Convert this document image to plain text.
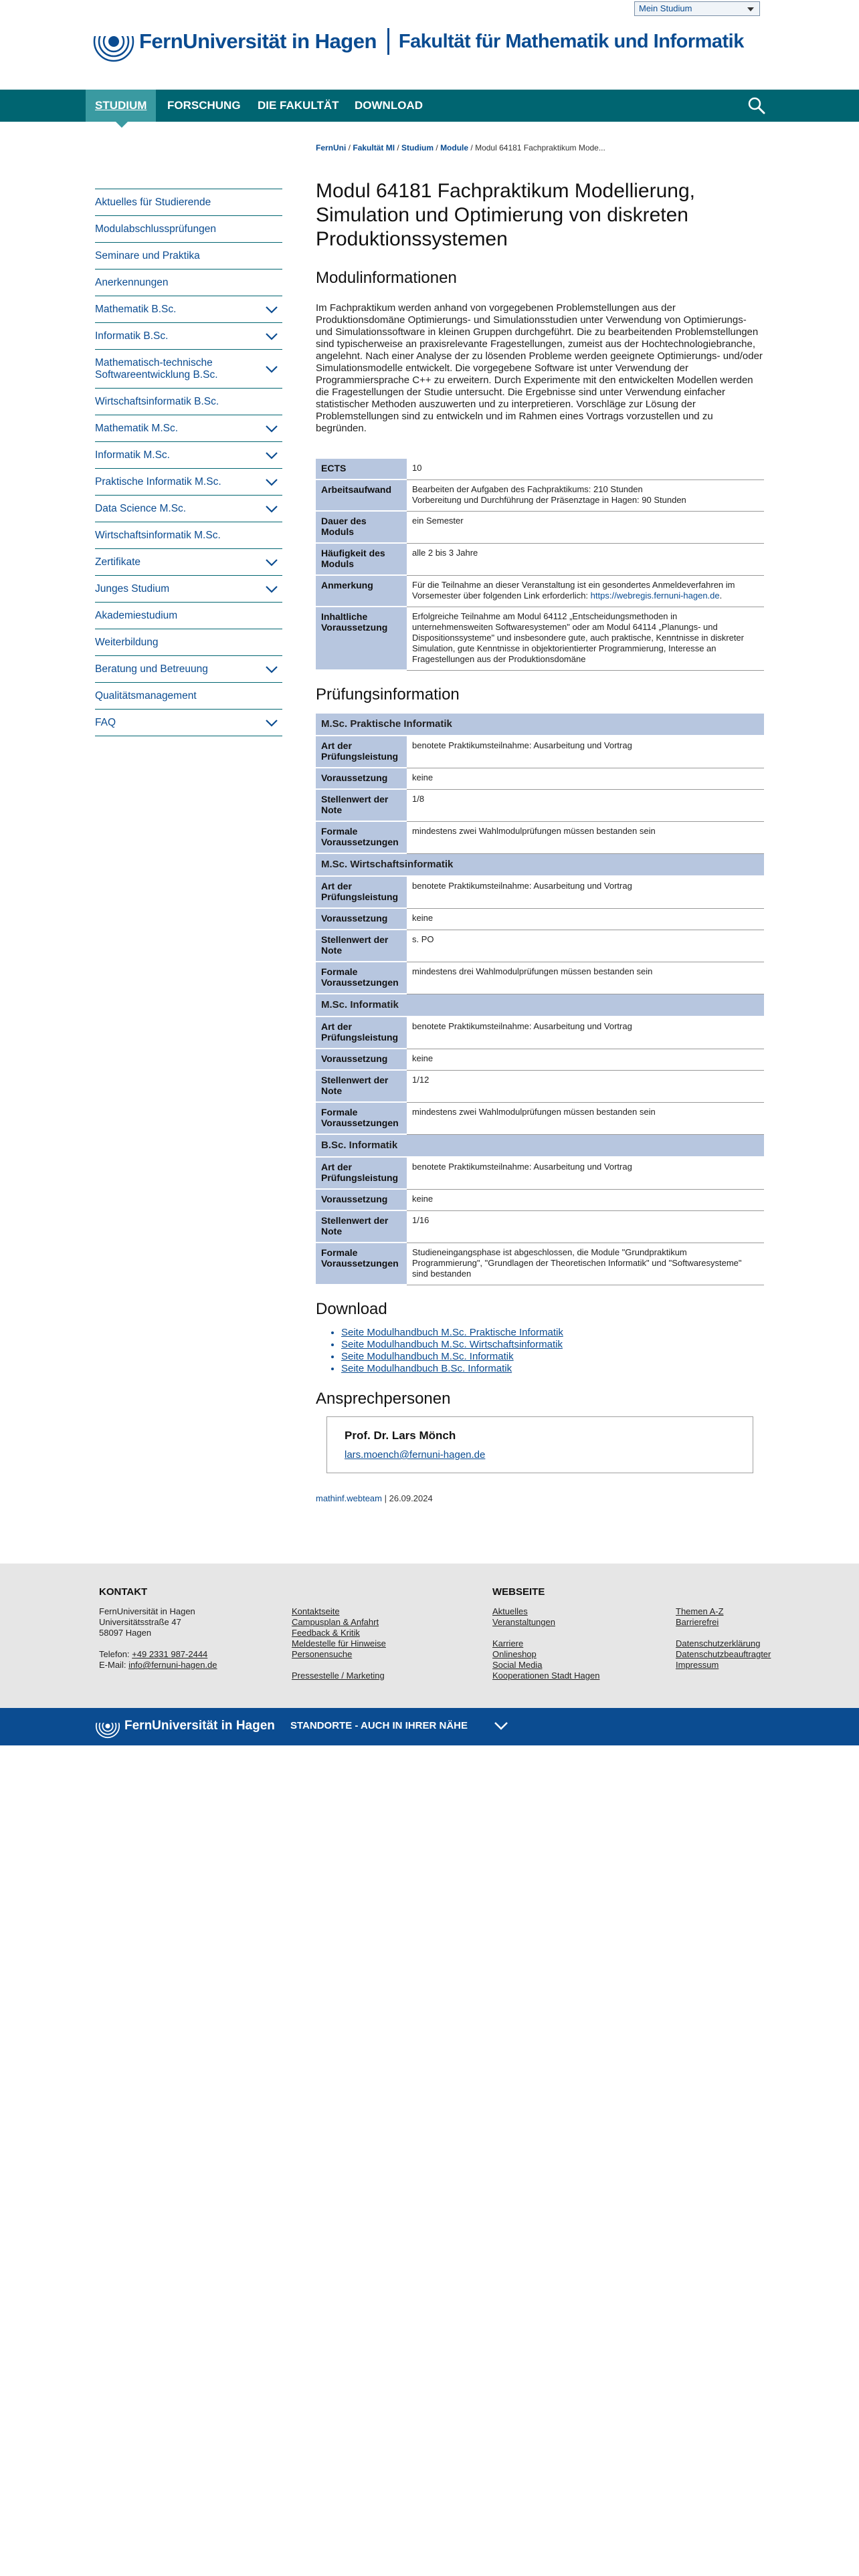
FernUniversität in Hagen Fakultät für Mathematik und Informatik
Mein Studium
STUDIUM	FORSCHUNG	DIE FAKULTÄT	DOWNLOAD
FernUni / Fakultät MI / Studium / Module / Modul 64181 Fachpraktikum Mode...
Aktuelles für Studierende
Modulabschlussprüfungen
Seminare und Praktika
Anerkennungen
Mathematik B.Sc.
Informatik B.Sc.
Mathematisch-technische Softwareentwicklung B.Sc.
Wirtschaftsinformatik B.Sc.
Mathematik M.Sc.
Informatik M.Sc.
Praktische Informatik M.Sc.
Data Science M.Sc.
Wirtschaftsinformatik M.Sc.
Zertifikate
Junges Studium
Akademiestudium
Weiterbildung
Beratung und Betreuung
Qualitätsmanagement
FAQ
Modul 64181 Fachpraktikum Modellierung, Simulation und Optimierung von diskreten Produktionssystemen
Modulinformationen

Im Fachpraktikum werden anhand von vorgegebenen Problemstellungen aus der Produktionsdomäne Optimierungs- und Simulationsstudien unter Verwendung von Optimierungs- und Simulationssoftware in kleinen Gruppen durchgeführt. Die zu bearbeitenden Problemstellungen sind typischerweise an praxisrelevante Fragestellungen, zumeist aus der Hochtechnologiebranche, angelehnt. Nach einer Analyse der zu lösenden Probleme werden geeignete Optimierungs- und/oder Simulationsmodelle entwickelt. Die vorgegebene Software ist unter Verwendung der Programmiersprache C++ zu erweitern. Durch Experimente mit den entwickelten Modellen werden die Fragestellungen der Studie untersucht. Die Ergebnisse sind unter Verwendung einfacher statistischer Methoden auszuwerten und zu interpretieren. Vorschläge zur Lösung der Problemstellungen sind zu entwickeln und im Rahmen eines Vortrags vorzustellen und zu begründen.

ECTS	10
Arbeitsaufwand	Bearbeiten der Aufgaben des Fachpraktikums: 210 Stunden
Vorbereitung und Durchführung der Präsenztage in Hagen: 90 Stunden
Dauer des Moduls	ein Semester
Häufigkeit des Moduls	alle 2 bis 3 Jahre
Anmerkung	Für die Teilnahme an dieser Veranstaltung ist ein gesondertes Anmeldeverfahren im Vorsemester über folgenden Link erforderlich: https://webregis.fernuni-hagen.de.
Inhaltliche Voraussetzung	Erfolgreiche Teilnahme am Modul 64112 „Entscheidungsmethoden in unternehmensweiten Softwaresystemen" oder am Modul 64114 „Planungs- und Dispositionssysteme" und insbesondere gute, auch praktische, Kenntnisse in diskreter Simulation, gute Kenntnisse in objektorientierter Programmierung, Interesse an Fragestellungen aus der Produktionsdomäne
Prüfungsinformation
M.Sc. Praktische Informatik	
Art der Prüfungsleistung	benotete Praktikumsteilnahme: Ausarbeitung und Vortrag
Voraussetzung	keine
Stellenwert der Note	1/8
Formale Voraussetzungen	mindestens zwei Wahlmodulprüfungen müssen bestanden sein
M.Sc. Wirtschaftsinformatik	
Art der Prüfungsleistung	benotete Praktikumsteilnahme: Ausarbeitung und Vortrag
Voraussetzung	keine
Stellenwert der Note	s. PO
Formale Voraussetzungen	mindestens drei Wahlmodulprüfungen müssen bestanden sein
M.Sc. Informatik	
Art der Prüfungsleistung	benotete Praktikumsteilnahme: Ausarbeitung und Vortrag
Voraussetzung	keine
Stellenwert der Note	1/12
Formale Voraussetzungen	mindestens zwei Wahlmodulprüfungen müssen bestanden sein
B.Sc. Informatik	
Art der Prüfungsleistung	benotete Praktikumsteilnahme: Ausarbeitung und Vortrag
Voraussetzung	keine
Stellenwert der Note	1/16
Formale Voraussetzungen	Studieneingangsphase ist abgeschlossen, die Module "Grundpraktikum Programmierung", "Grundlagen der Theoretischen Informatik" und "Softwaresysteme" sind bestanden
Download
• Seite Modulhandbuch M.Sc. Praktische Informatik
• Seite Modulhandbuch M.Sc. Wirtschaftsinformatik
• Seite Modulhandbuch M.Sc. Informatik
• Seite Modulhandbuch B.Sc. Informatik
Ansprechpersonen
Prof. Dr. Lars Mönch
lars.moench@fernuni-hagen.de
mathinf.webteam | 26.09.2024
KONTAKT
FernUniversität in Hagen
Universitätsstraße 47
58097 Hagen
Telefon: +49 2331 987-2444
E-Mail: info@fernuni-hagen.de
Kontaktseite
Campusplan & Anfahrt
Feedback & Kritik
Meldestelle für Hinweise
Personensuche
Pressestelle / Marketing
WEBSEITE
Aktuelles
Veranstaltungen
Karriere
Onlineshop
Social Media
Kooperationen Stadt Hagen
Themen A-Z
Barrierefrei
Datenschutzerklärung
Datenschutzbeauftragter
Impressum
FernUniversität in Hagen STANDORTE - AUCH IN IHRER NÄHE
